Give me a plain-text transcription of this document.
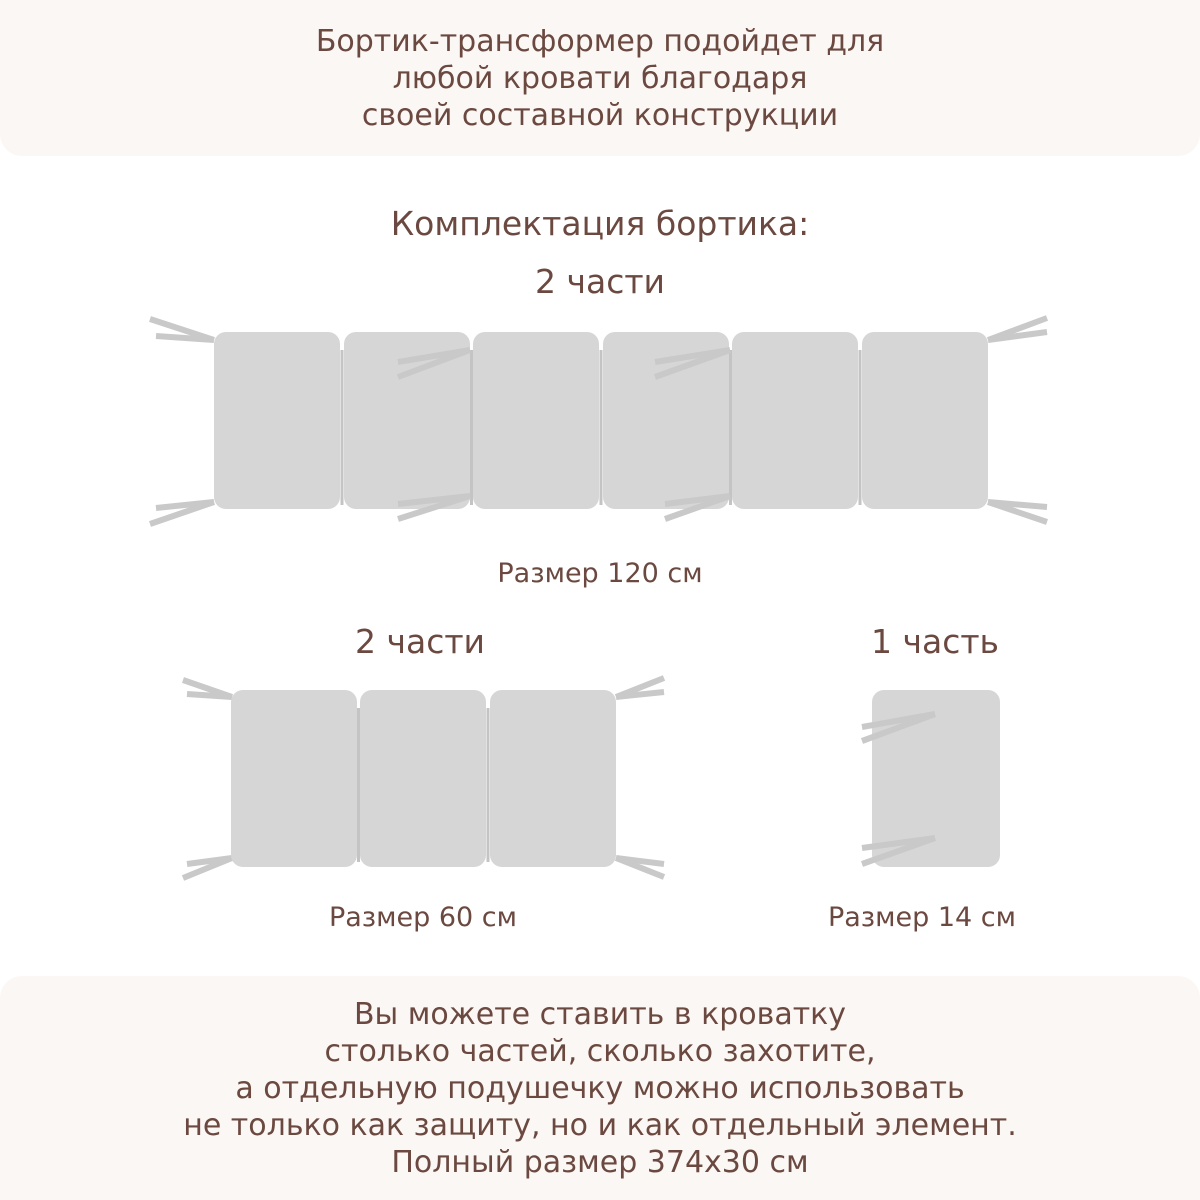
Бортик-трансформер подойдет для
любой кровати благодаря
своей составной конструкции
Комплектация бортика:
2 части
Размер 120 см
2 части
Размер 60 см
1 часть
Размер 14 см
Вы можете ставить в кроватку
столько частей, сколько захотите,
а отдельную подушечку можно использовать
не только как защиту, но и как отдельный элемент.
Полный размер 374х30 см
